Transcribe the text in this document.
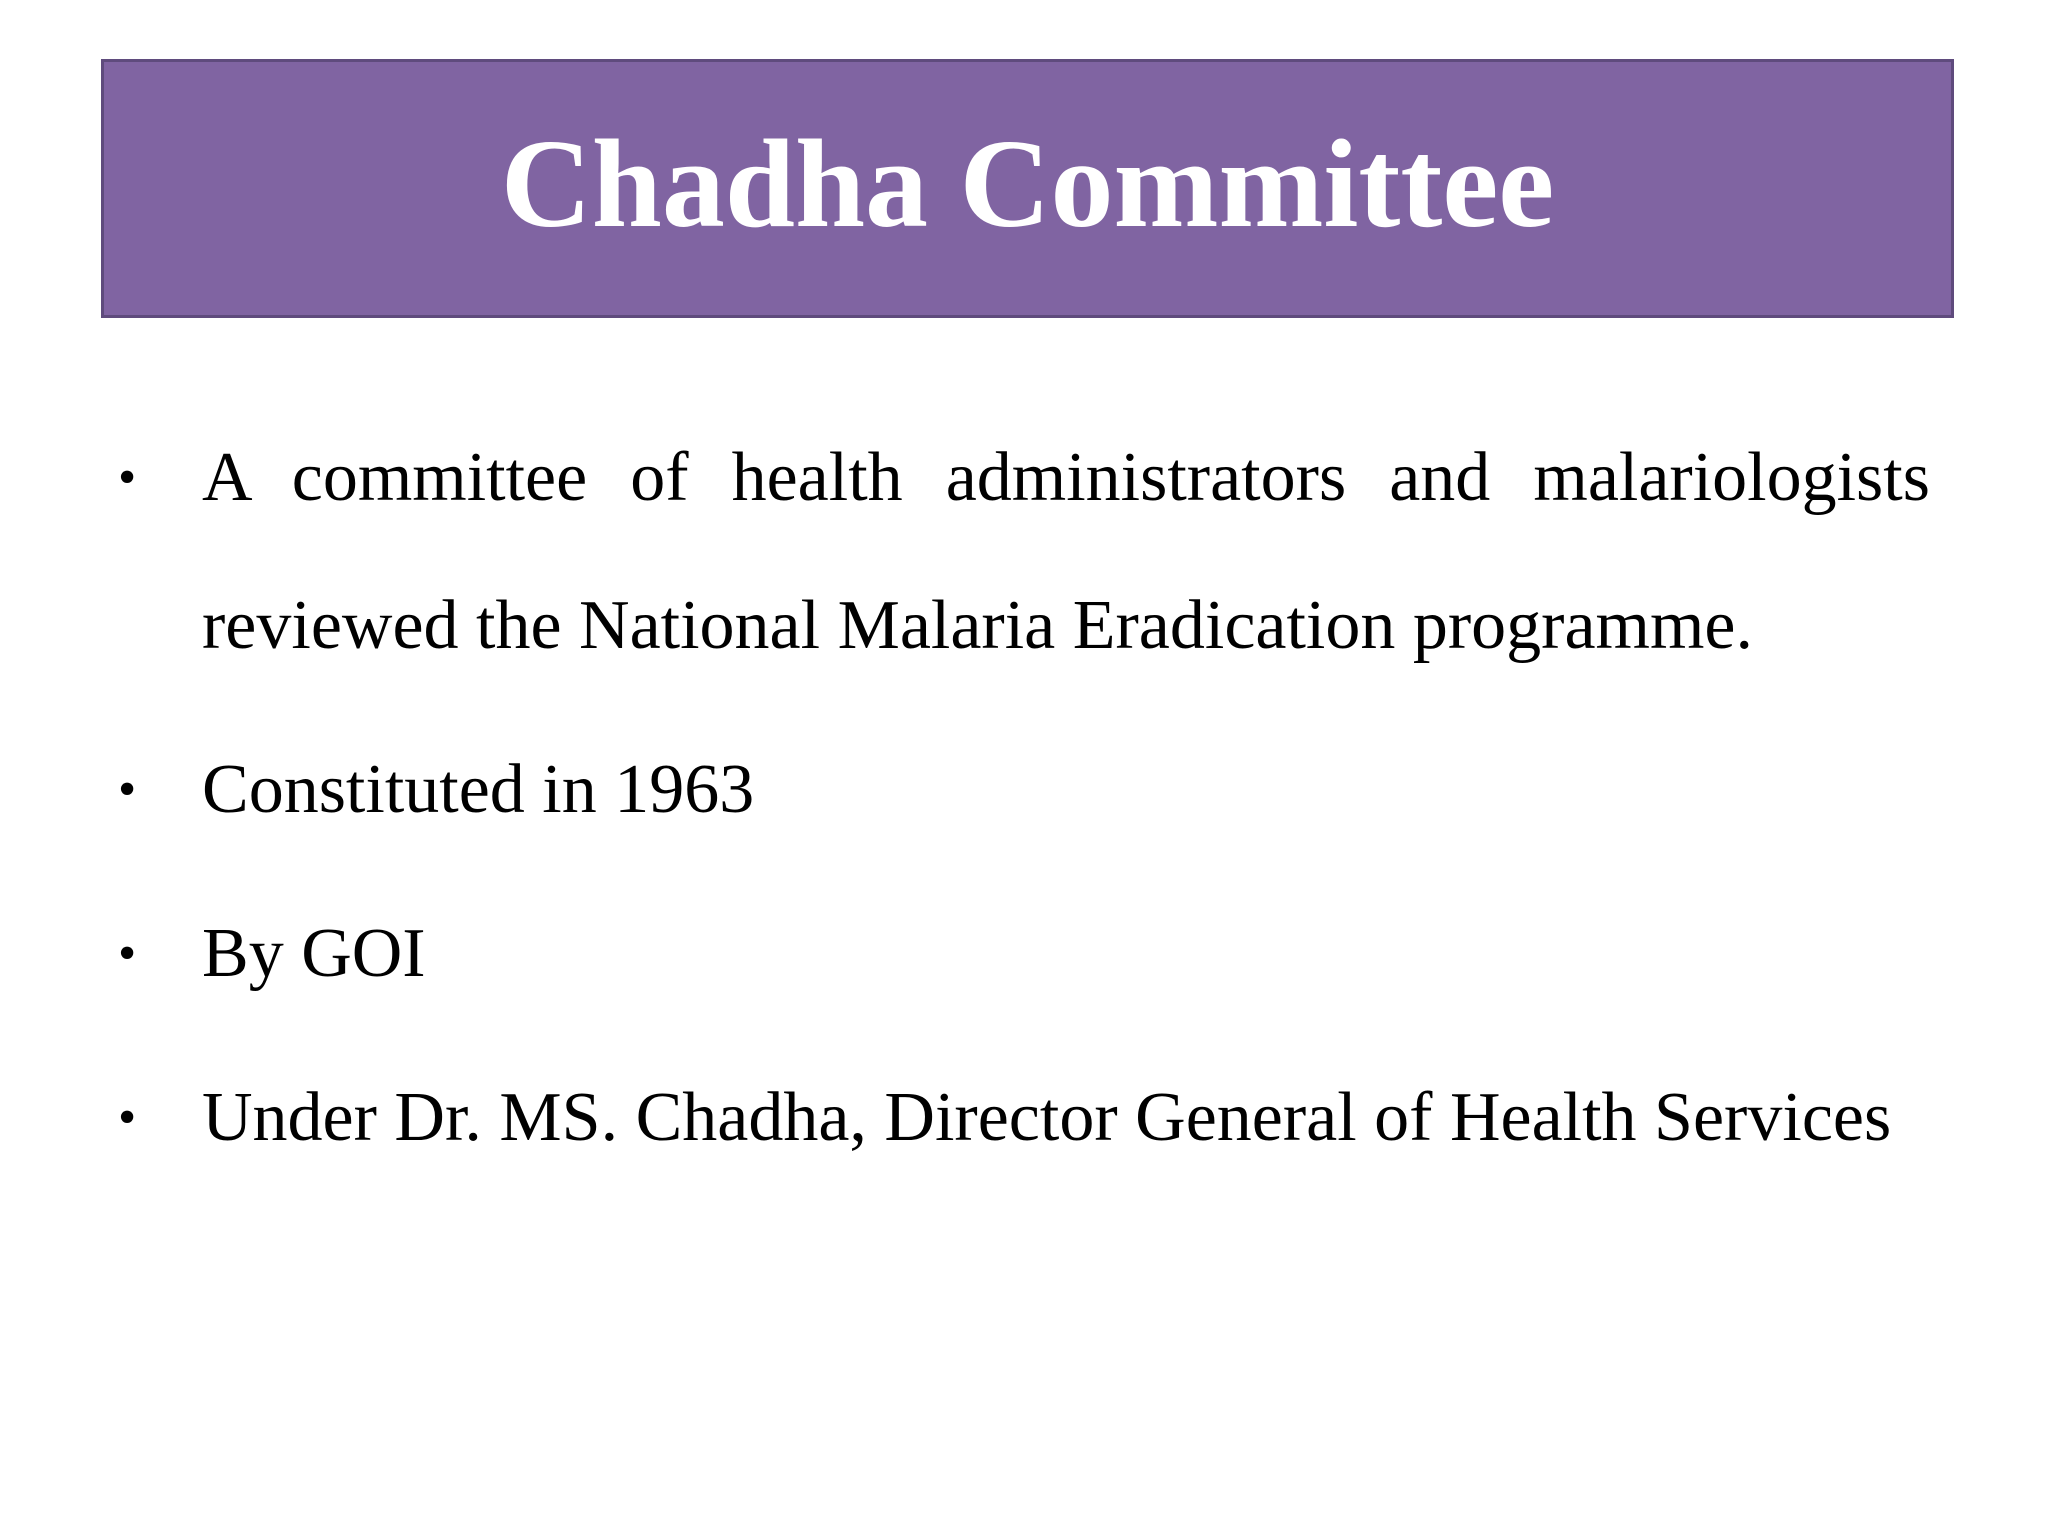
Chadha Committee
• A committee of health administrators and malariologists reviewed the National Malaria Eradication programme.
• Constituted in 1963
• By GOI
• Under Dr. MS. Chadha, Director General of Health Services
